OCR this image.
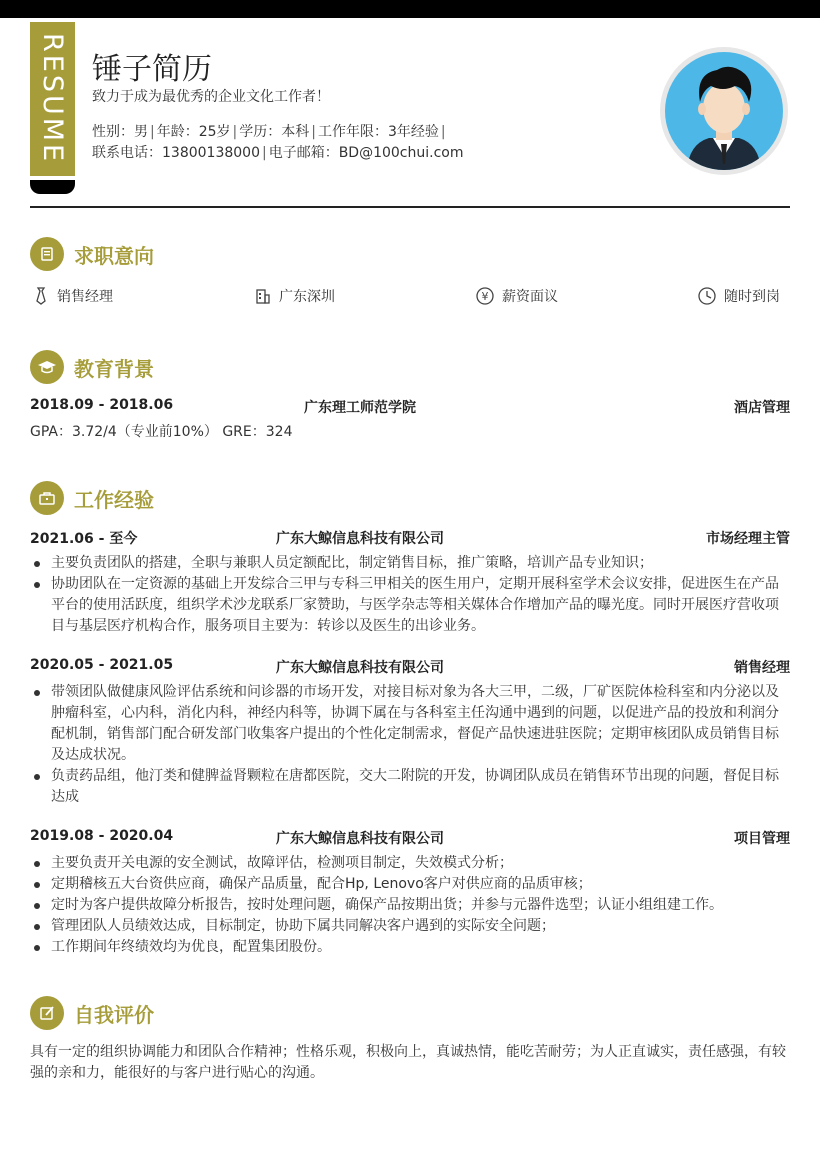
RESUME 锤子简历
致力于成为最优秀的企业文化工作者！
性别：男 | 年龄：25岁 | 学历：本科 | 工作年限：3年经验 |
联系电话：13800138000 | 电子邮箱：BD@100chui.com
求职意向
销售经理	广东深圳	¥ 薪资面议	随时到岗
教育背景
2018.09 - 2018.06	广东理工师范学院	酒店管理
GPA：3.72/4（专业前10%） GRE：324
工作经验
2021.06 - 至今	广东大鲸信息科技有限公司	市场经理主管
主要负责团队的搭建，全职与兼职人员定额配比，制定销售目标，推广策略，培训产品专业知识；
协助团队在一定资源的基础上开发综合三甲与专科三甲相关的医生用户，定期开展科室学术会议安排，促进医生在产品平台的使用活跃度，组织学术沙龙联系厂家赞助，与医学杂志等相关媒体合作增加产品的曝光度。同时开展医疗营收项目与基层医疗机构合作，服务项目主要为：转诊以及医生的出诊业务。
2020.05 - 2021.05	广东大鲸信息科技有限公司	销售经理
带领团队做健康风险评估系统和问诊器的市场开发，对接目标对象为各大三甲，二级，厂矿医院体检科室和内分泌以及肿瘤科室，心内科，消化内科，神经内科等，协调下属在与各科室主任沟通中遇到的问题，以促进产品的投放和利润分配机制，销售部门配合研发部门收集客户提出的个性化定制需求，督促产品快速进驻医院；定期审核团队成员销售目标及达成状况。
负责药品组，他汀类和健脾益肾颗粒在唐都医院，交大二附院的开发，协调团队成员在销售环节出现的问题，督促目标达成
2019.08 - 2020.04	广东大鲸信息科技有限公司	项目管理
主要负责开关电源的安全测试，故障评估，检测项目制定，失效模式分析；
定期稽核五大台资供应商，确保产品质量，配合Hp, Lenovo客户对供应商的品质审核；
定时为客户提供故障分析报告，按时处理问题，确保产品按期出货；并参与元器件选型；认证小组组建工作。
管理团队人员绩效达成，目标制定，协助下属共同解决客户遇到的实际安全问题；
工作期间年终绩效均为优良，配置集团股份。
自我评价
具有一定的组织协调能力和团队合作精神；性格乐观，积极向上，真诚热情，能吃苦耐劳；为人正直诚实，责任感强，有较强的亲和力，能很好的与客户进行贴心的沟通。
